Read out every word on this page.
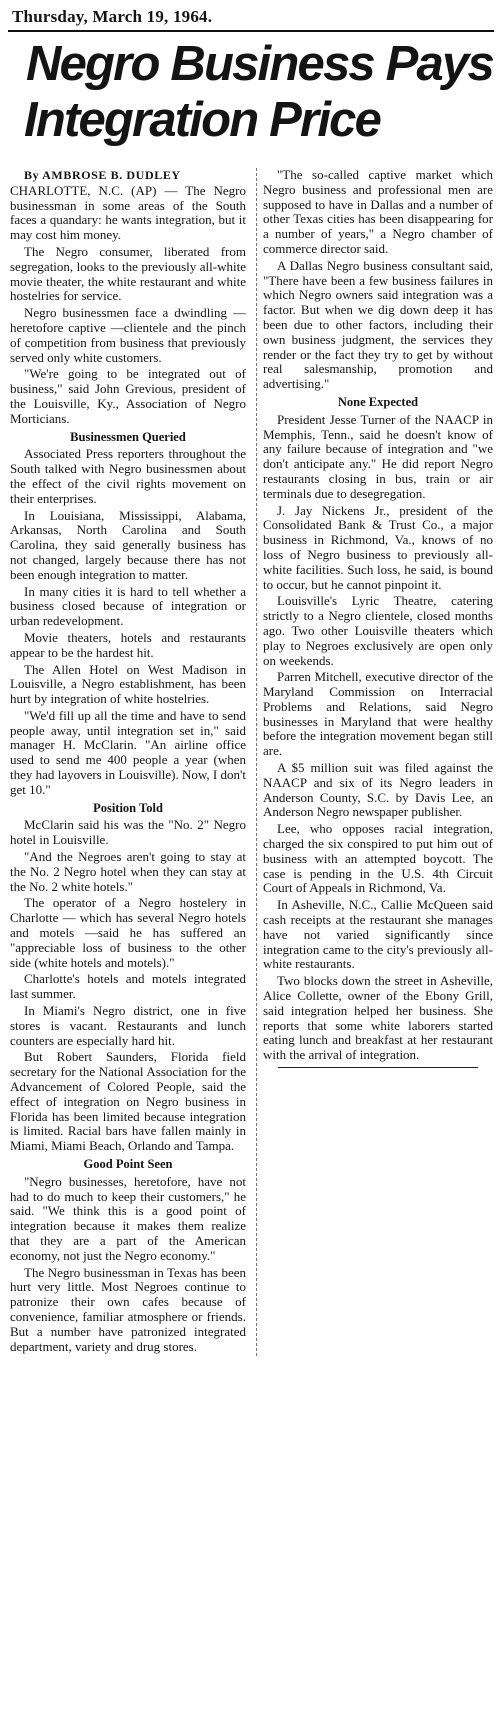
Thursday, March 19, 1964.
Negro Business Pays
Integration Price
By AMBROSE B. DUDLEY

CHARLOTTE, N.C. (AP) — The Negro businessman in some areas of the South faces a quandary: he wants integration, but it may cost him money.

The Negro consumer, liberated from segregation, looks to the previously all-white movie theater, the white restaurant and white hostelries for service.

Negro businessmen face a dwindling — heretofore captive —clientele and the pinch of competition from business that previously served only white customers.

"We're going to be integrated out of business," said John Grevious, president of the Louisville, Ky., Association of Negro Morticians.

Businessmen Queried

Associated Press reporters throughout the South talked with Negro businessmen about the effect of the civil rights movement on their enterprises.

In Louisiana, Mississippi, Alabama, Arkansas, North Carolina and South Carolina, they said generally business has not changed, largely because there has not been enough integration to matter.

In many cities it is hard to tell whether a business closed because of integration or urban redevelopment.

Movie theaters, hotels and restaurants appear to be the hardest hit.

The Allen Hotel on West Madison in Louisville, a Negro establishment, has been hurt by integration of white hostelries.

"We'd fill up all the time and have to send people away, until integration set in," said manager H. McClarin. "An airline office used to send me 400 people a year (when they had layovers in Louisville). Now, I don't get 10."

Position Told

McClarin said his was the "No. 2" Negro hotel in Louisville.

"And the Negroes aren't going to stay at the No. 2 Negro hotel when they can stay at the No. 2 white hotels."

The operator of a Negro hostelery in Charlotte — which has several Negro hotels and motels —said he has suffered an "appreciable loss of business to the other side (white hotels and motels)."

Charlotte's hotels and motels integrated last summer.

In Miami's Negro district, one in five stores is vacant. Restaurants and lunch counters are especially hard hit.

But Robert Saunders, Florida field secretary for the National Association for the Advancement of Colored People, said the effect of integration on Negro business in Florida has been limited because integration is limited. Racial bars have fallen mainly in Miami, Miami Beach, Orlando and Tampa.

Good Point Seen

"Negro businesses, heretofore, have not had to do much to keep their customers," he said. "We think this is a good point of integration because it makes them realize that they are a part of the American economy, not just the Negro economy."

The Negro businessman in Texas has been hurt very little. Most Negroes continue to patronize their own cafes because of convenience, familiar atmosphere or friends. But a number have patronized integrated department, variety and drug stores.

"The so-called captive market which Negro business and professional men are supposed to have in Dallas and a number of other Texas cities has been disappearing for a number of years," a Negro chamber of commerce director said.

A Dallas Negro business consultant said, "There have been a few business failures in which Negro owners said integration was a factor. But when we dig down deep it has been due to other factors, including their own business judgment, the services they render or the fact they try to get by without real salesmanship, promotion and advertising."

None Expected

President Jesse Turner of the NAACP in Memphis, Tenn., said he doesn't know of any failure because of integration and "we don't anticipate any." He did report Negro restaurants closing in bus, train or air terminals due to desegregation.

J. Jay Nickens Jr., president of the Consolidated Bank & Trust Co., a major business in Richmond, Va., knows of no loss of Negro business to previously all-white facilities. Such loss, he said, is bound to occur, but he cannot pinpoint it.

Louisville's Lyric Theatre, catering strictly to a Negro clientele, closed months ago. Two other Louisville theaters which play to Negroes exclusively are open only on weekends.

Parren Mitchell, executive director of the Maryland Commission on Interracial Problems and Relations, said Negro businesses in Maryland that were healthy before the integration movement began still are.

A $5 million suit was filed against the NAACP and six of its Negro leaders in Anderson County, S.C. by Davis Lee, an Anderson Negro newspaper publisher.

Lee, who opposes racial integration, charged the six conspired to put him out of business with an attempted boycott. The case is pending in the U.S. 4th Circuit Court of Appeals in Richmond, Va.

In Asheville, N.C., Callie McQueen said cash receipts at the restaurant she manages have not varied significantly since integration came to the city's previously all-white restaurants.

Two blocks down the street in Asheville, Alice Collette, owner of the Ebony Grill, said integration helped her business. She reports that some white laborers started eating lunch and breakfast at her restaurant with the arrival of integration.
